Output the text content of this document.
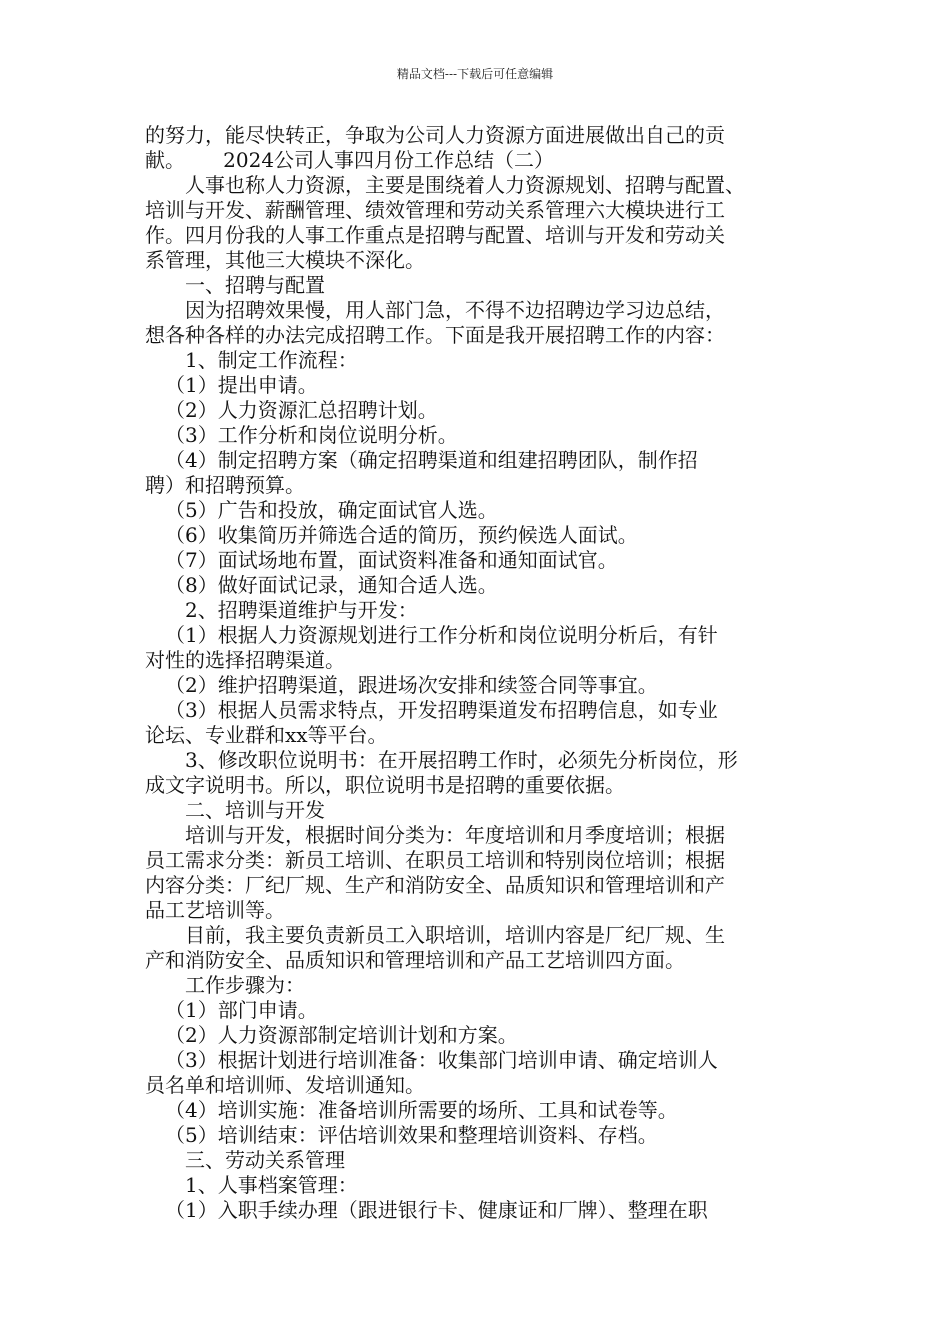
精品文档---下载后可任意编辑
的努力，能尽快转正，争取为公司人力资源方面进展做出自己的贡
献。      2024公司人事四月份工作总结（二）
人事也称人力资源，主要是围绕着人力资源规划、招聘与配置、
培训与开发、薪酬管理、绩效管理和劳动关系管理六大模块进行工
作。四月份我的人事工作重点是招聘与配置、培训与开发和劳动关
系管理，其他三大模块不深化。
一、招聘与配置
因为招聘效果慢，用人部门急，不得不边招聘边学习边总结，
想各种各样的办法完成招聘工作。下面是我开展招聘工作的内容：
1、制定工作流程：
（1）提出申请。
（2）人力资源汇总招聘计划。
（3）工作分析和岗位说明分析。
（4）制定招聘方案（确定招聘渠道和组建招聘团队，制作招
聘）和招聘预算。
（5）广告和投放，确定面试官人选。
（6）收集简历并筛选合适的简历，预约候选人面试。
（7）面试场地布置，面试资料准备和通知面试官。
（8）做好面试记录，通知合适人选。
2、招聘渠道维护与开发：
（1）根据人力资源规划进行工作分析和岗位说明分析后，有针
对性的选择招聘渠道。
（2）维护招聘渠道，跟进场次安排和续签合同等事宜。
（3）根据人员需求特点，开发招聘渠道发布招聘信息，如专业
论坛、专业群和xx等平台。
3、修改职位说明书：在开展招聘工作时，必须先分析岗位，形
成文字说明书。所以，职位说明书是招聘的重要依据。
二、培训与开发
培训与开发，根据时间分类为：年度培训和月季度培训；根据
员工需求分类：新员工培训、在职员工培训和特别岗位培训；根据
内容分类：厂纪厂规、生产和消防安全、品质知识和管理培训和产
品工艺培训等。
目前，我主要负责新员工入职培训，培训内容是厂纪厂规、生
产和消防安全、品质知识和管理培训和产品工艺培训四方面。
工作步骤为：
（1）部门申请。
（2）人力资源部制定培训计划和方案。
（3）根据计划进行培训准备：收集部门培训申请、确定培训人
员名单和培训师、发培训通知。
（4）培训实施：准备培训所需要的场所、工具和试卷等。
（5）培训结束：评估培训效果和整理培训资料、存档。
三、劳动关系管理
1、人事档案管理：
（1）入职手续办理（跟进银行卡、健康证和厂牌）、整理在职
